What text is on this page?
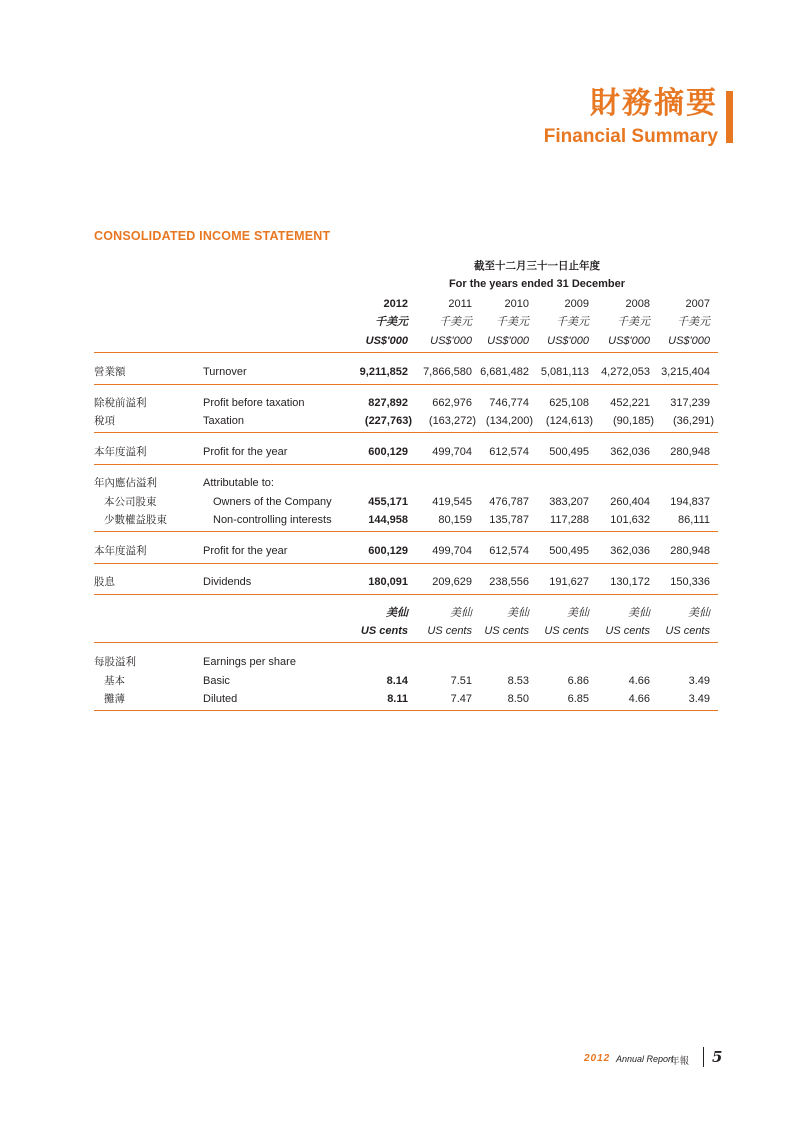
財務摘要
Financial Summary
CONSOLIDATED INCOME STATEMENT
截至十二月三十一日止年度
For the years ended 31 December
2012	2011	2010	2009	2008	2007
千美元	千美元	千美元	千美元	千美元	千美元
US$'000	US$'000	US$'000	US$'000	US$'000	US$'000
營業額	Turnover	9,211,852	7,866,580 6,681,482	5,081,113	4,272,053	3,215,404
除稅前溢利	Profit before taxation	827,892	662,976	746,774	625,108	452,221	317,239
稅項	Taxation	(227,763)	(163,272) (134,200)	(124,613)	(90,185)	(36,291)
本年度溢利	Profit for the year	600,129	499,704	612,574	500,495	362,036	280,948
年內應佔溢利	Attributable to:
本公司股東	Owners of the Company	455,171	419,545	476,787	383,207	260,404	194,837
少數權益股東	Non-controlling interests	144,958	80,159	135,787	117,288	101,632	86,111
本年度溢利	Profit for the year	600,129	499,704	612,574	500,495	362,036	280,948
股息	Dividends	180,091	209,629	238,556	191,627	130,172	150,336
美仙	美仙	美仙	美仙	美仙	美仙
US cents	US cents	US cents	US cents	US cents	US cents
每股溢利	Earnings per share
基本	Basic	8.14	7.51	8.53	6.86	4.66	3.49
攤薄	Diluted	8.11	7.47	8.50	6.85	4.66	3.49
2012 Annual Report
年報 5
